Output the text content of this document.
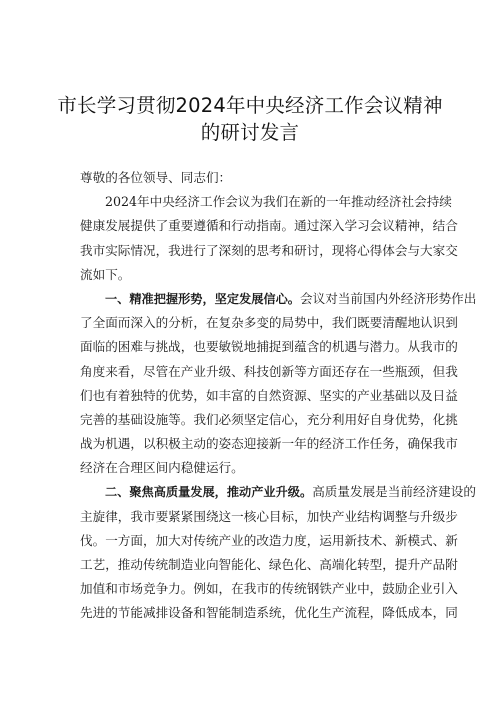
市长学习贯彻2024年中央经济工作会议精神
的研讨发言
尊敬的各位领导、同志们：
2024年中央经济工作会议为我们在新的一年推动经济社会持续
健康发展提供了重要遵循和行动指南。通过深入学习会议精神，结合
我市实际情况，我进行了深刻的思考和研讨，现将心得体会与大家交
流如下。
一、精准把握形势，坚定发展信心。会议对当前国内外经济形势作出
了全面而深入的分析，在复杂多变的局势中，我们既要清醒地认识到
面临的困难与挑战，也要敏锐地捕捉到蕴含的机遇与潜力。从我市的
角度来看，尽管在产业升级、科技创新等方面还存在一些瓶颈，但我
们也有着独特的优势，如丰富的自然资源、坚实的产业基础以及日益
完善的基础设施等。我们必须坚定信心，充分利用好自身优势，化挑
战为机遇，以积极主动的姿态迎接新一年的经济工作任务，确保我市
经济在合理区间内稳健运行。
二、聚焦高质量发展，推动产业升级。高质量发展是当前经济建设的
主旋律，我市要紧紧围绕这一核心目标，加快产业结构调整与升级步
伐。一方面，加大对传统产业的改造力度，运用新技术、新模式、新
工艺，推动传统制造业向智能化、绿色化、高端化转型，提升产品附
加值和市场竞争力。例如，在我市的传统钢铁产业中，鼓励企业引入
先进的节能减排设备和智能制造系统，优化生产流程，降低成本，同
